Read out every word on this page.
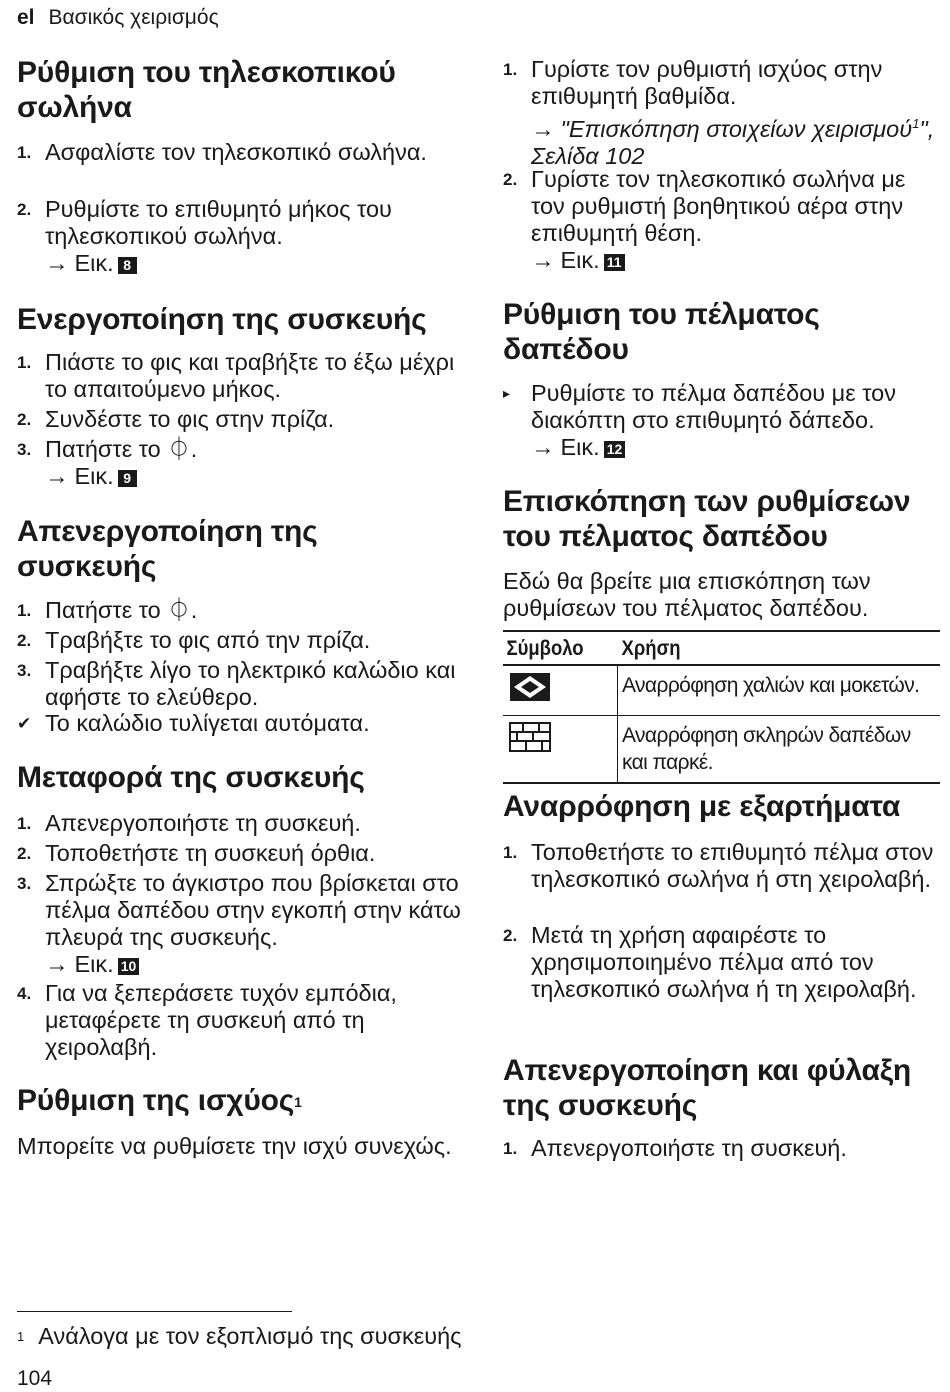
el Βασικός χειρισμός
Ρύθμιση του τηλεσκοπικού σωλήνα
1. Ασφαλίστε τον τηλεσκοπικό σωλήνα.
2. Ρυθμίστε το επιθυμητό μήκος του τηλεσκοπικού σωλήνα.
→ Εικ. 8
Ενεργοποίηση της συσκευής
1. Πιάστε το φις και τραβήξτε το έξω μέχρι το απαιτούμενο μήκος.
2. Συνδέστε το φις στην πρίζα.
3. Πατήστε το ⏀.
→ Εικ. 9
Απενεργοποίηση της συσκευής
1. Πατήστε το ⏀.
2. Τραβήξτε το φις από την πρίζα.
3. Τραβήξτε λίγο το ηλεκτρικό καλώδιο και αφήστε το ελεύθερο.
✔ Το καλώδιο τυλίγεται αυτόματα.
Μεταφορά της συσκευής
1. Απενεργοποιήστε τη συσκευή.
2. Τοποθετήστε τη συσκευή όρθια.
3. Σπρώξτε το άγκιστρο που βρίσκεται στο πέλμα δαπέδου στην εγκοπή στην κάτω πλευρά της συσκευής.
→ Εικ. 10
4. Για να ξεπεράσετε τυχόν εμπόδια, μεταφέρετε τη συσκευή από τη χειρολαβή.
Ρύθμιση της ισχύος$^1$
Μπορείτε να ρυθμίσετε την ισχύ συνεχώς.
1. Γυρίστε τον ρυθμιστή ισχύος στην επιθυμητή βαθμίδα.
→ "Επισκόπηση στοιχείων χειρισμού$^1$", Σελίδα 102
2. Γυρίστε τον τηλεσκοπικό σωλήνα με τον ρυθμιστή βοηθητικού αέρα στην επιθυμητή θέση.
→ Εικ. 11
Ρύθμιση του πέλματος δαπέδου
▸ Ρυθμίστε το πέλμα δαπέδου με τον διακόπτη στο επιθυμητό δάπεδο.
→ Εικ. 12
Επισκόπηση των ρυθμίσεων του πέλματος δαπέδου
Εδώ θα βρείτε μια επισκόπηση των ρυθμίσεων του πέλματος δαπέδου.
Σύμβολο	Χρήση
	Αναρρόφηση χαλιών και μοκετών.
	Αναρρόφηση σκληρών δαπέδων και παρκέ.
Αναρρόφηση με εξαρτήματα
1. Τοποθετήστε το επιθυμητό πέλμα στον τηλεσκοπικό σωλήνα ή στη χειρολαβή.
2. Μετά τη χρήση αφαιρέστε το χρησιμοποιημένο πέλμα από τον τηλεσκοπικό σωλήνα ή τη χειρολαβή.
Απενεργοποίηση και φύλαξη της συσκευής
1. Απενεργοποιήστε τη συσκευή.
$^1$ Ανάλογα με τον εξοπλισμό της συσκευής
104
